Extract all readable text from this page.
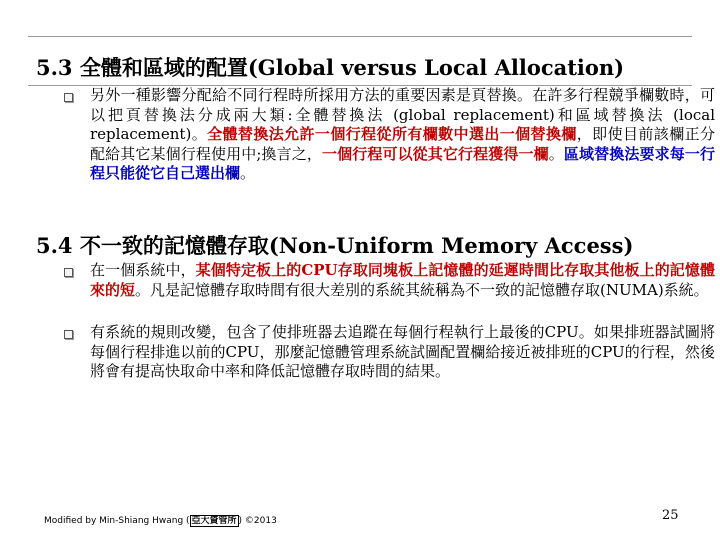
5.3 全體和區域的配置(Global versus Local Allocation)
另外一種影響分配給不同行程時所採用方法的重要因素是頁替換。在許多行程競爭欄數時，可以把頁替換法分成兩大類:全體替換法 (global replacement)和區域替換法 (local replacement)。全體替換法允許一個行程從所有欄數中選出一個替換欄，即使目前該欄正分配給其它某個行程使用中;換言之，一個行程可以從其它行程獲得一欄。區域替換法要求每一行程只能從它自己選出欄。
5.4 不一致的記憶體存取(Non-Uniform Memory Access)
在一個系統中，某個特定板上的CPU存取同塊板上記憶體的延遲時間比存取其他板上的記憶體來的短。凡是記憶體存取時間有很大差別的系統其統稱為不一致的記憶體存取(NUMA)系統。
有系統的規則改變，包含了使排班器去追蹤在每個行程執行上最後的CPU。如果排班器試圖將每個行程排進以前的CPU，那麼記憶體管理系統試圖配置欄給接近被排班的CPU的行程，然後將會有提高快取命中率和降低記憶體存取時間的結果。
Modified by Min-Shiang Hwang ( 亞大資管所 ) ©2013	25
